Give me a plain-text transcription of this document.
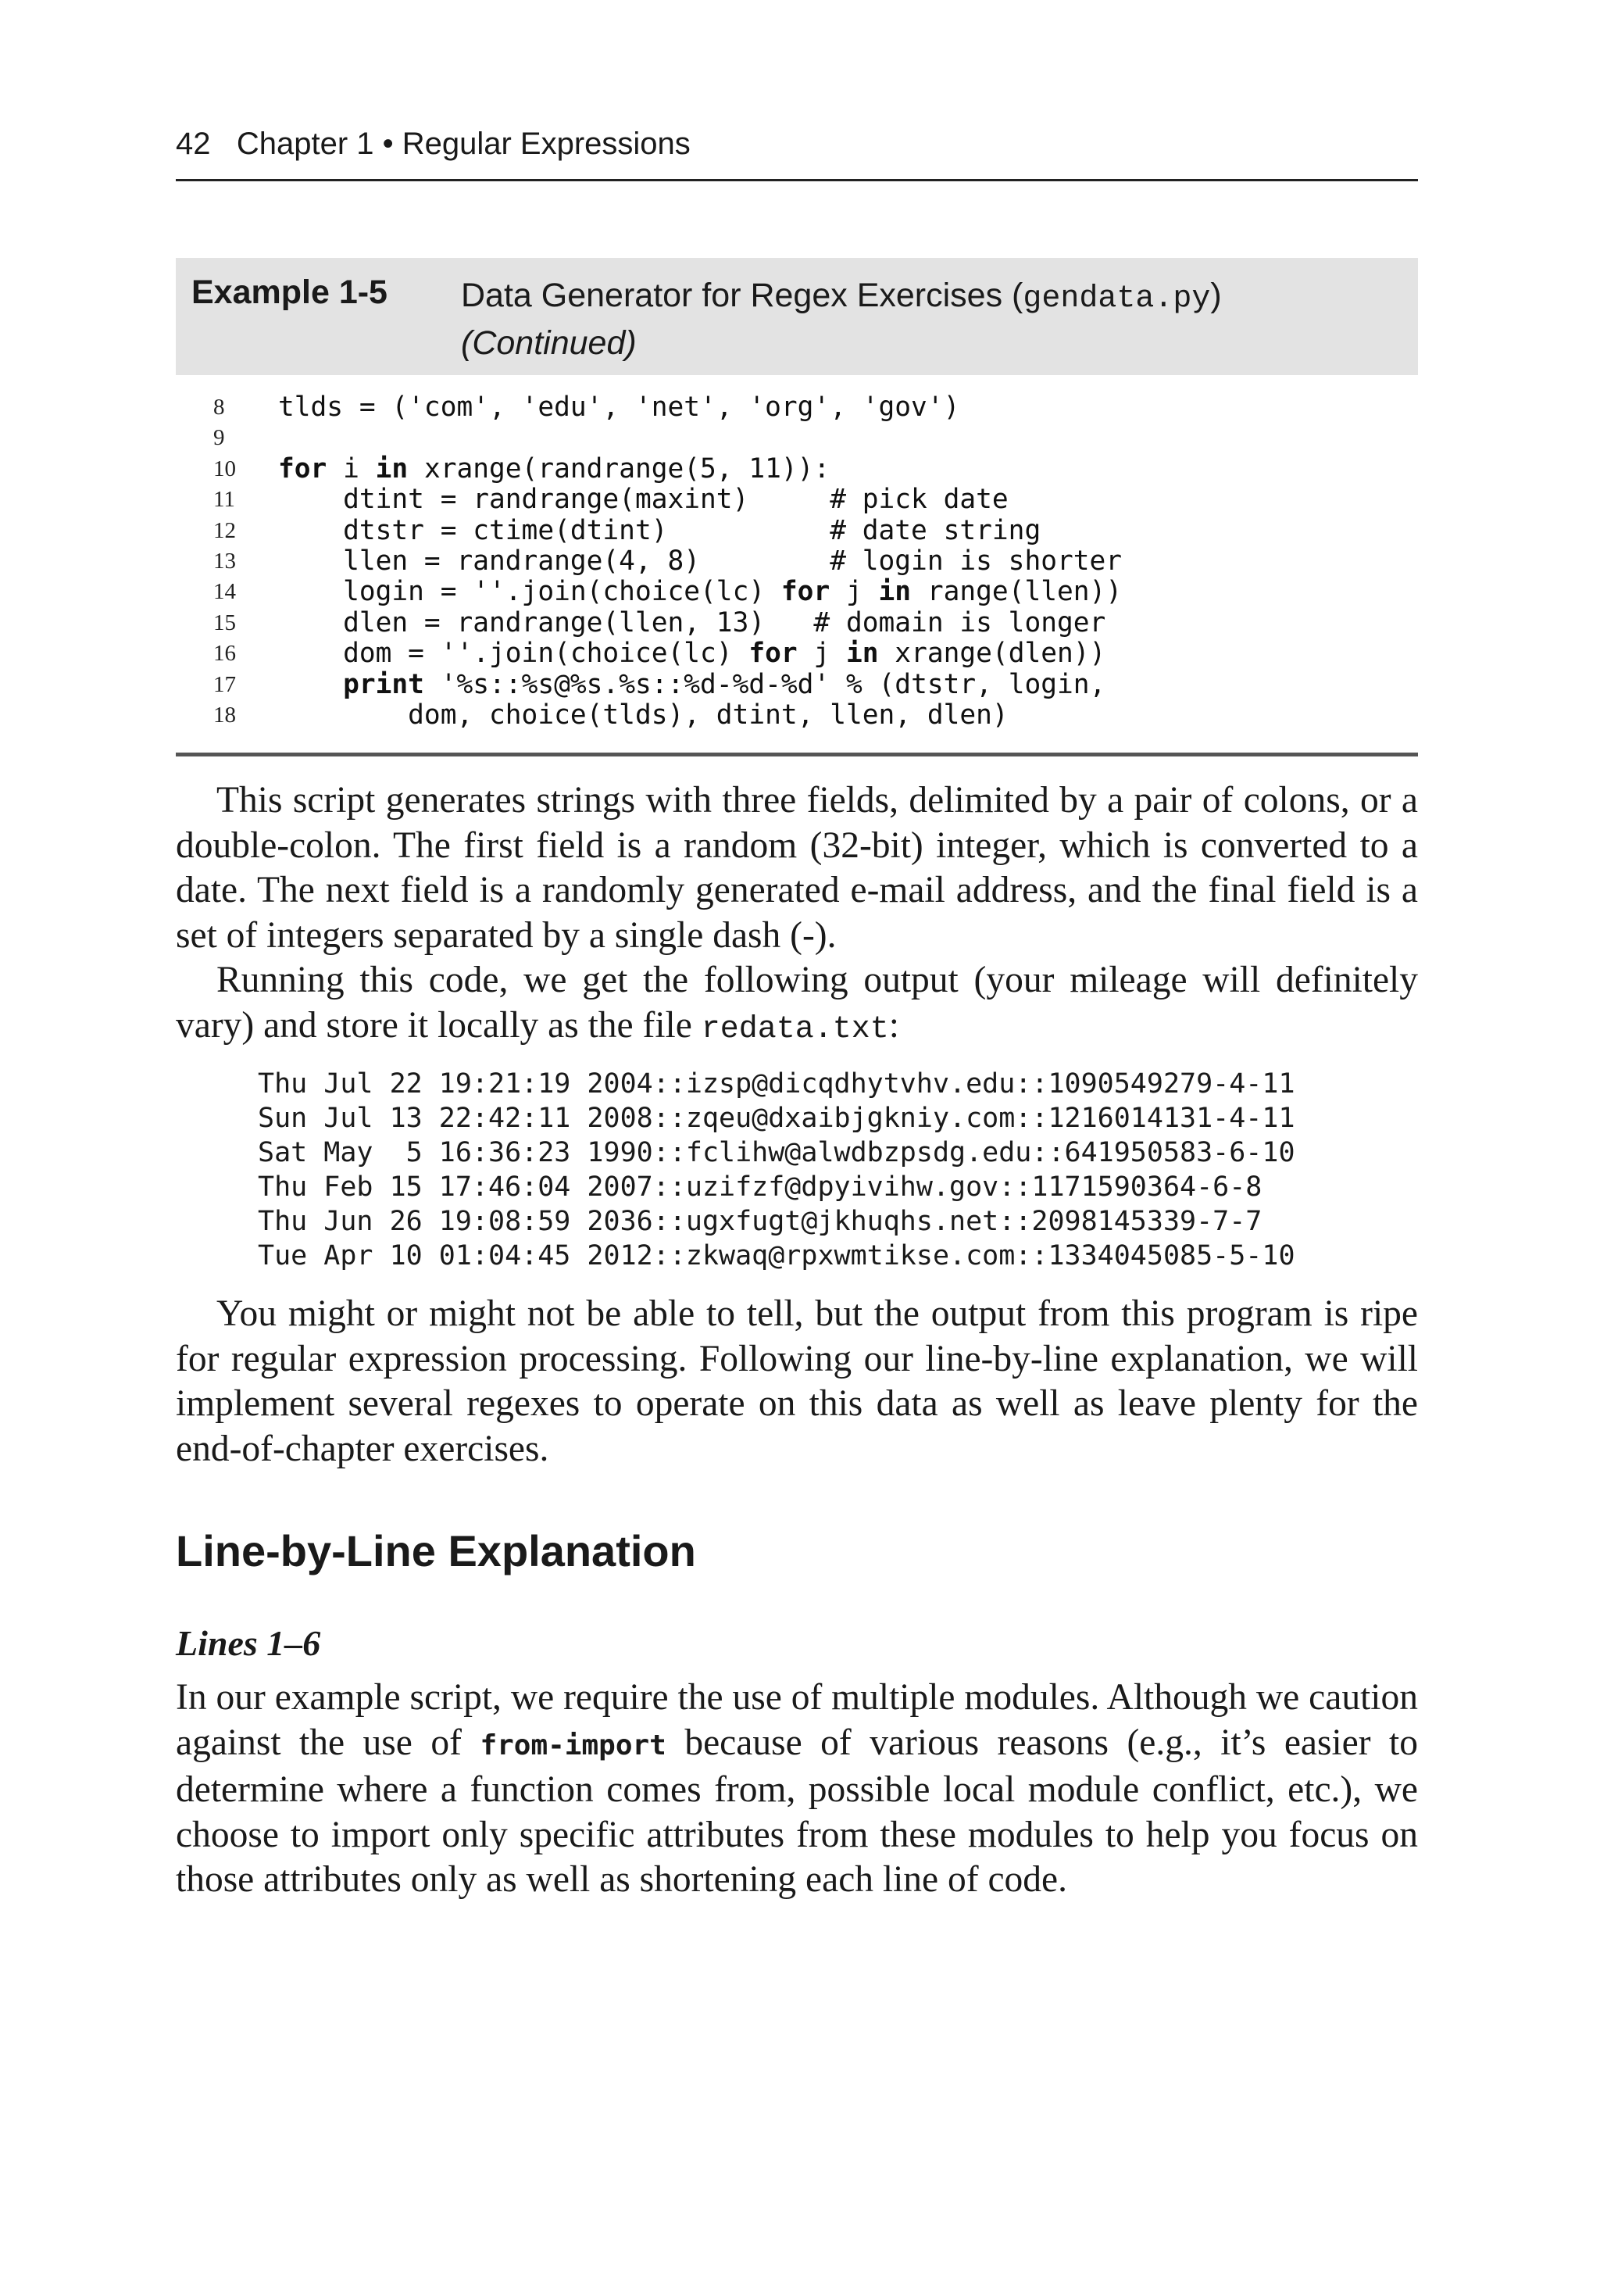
42 Chapter 1 • Regular Expressions
Example 1-5 Data Generator for Regex Exercises (gendata.py)
(Continued)
8	tlds = ('com', 'edu', 'net', 'org', 'gov')
9
10	for i in xrange(randrange(5, 11)):
11	dtint = randrange(maxint)     # pick date
12	dtstr = ctime(dtint)          # date string
13	llen = randrange(4, 8)        # login is shorter
14	login = ''.join(choice(lc) for j in range(llen))
15	dlen = randrange(llen, 13)   # domain is longer
16	dom = ''.join(choice(lc) for j in xrange(dlen))
17	print '%s::%s@%s.%s::%d-%d-%d' % (dtstr, login,
18	dom, choice(tlds), dtint, llen, dlen)
This script generates strings with three fields, delimited by a pair of colons, or a double-colon. The first field is a random (32-bit) integer, which is converted to a date. The next field is a randomly generated e-mail address, and the final field is a set of integers separated by a single dash (-).
Running this code, we get the following output (your mileage will definitely vary) and store it locally as the file redata.txt:
Thu Jul 22 19:21:19 2004::izsp@dicqdhytvhv.edu::1090549279-4-11
Sun Jul 13 22:42:11 2008::zqeu@dxaibjgkniy.com::1216014131-4-11
Sat May  5 16:36:23 1990::fclihw@alwdbzpsdg.edu::641950583-6-10
Thu Feb 15 17:46:04 2007::uzifzf@dpyivihw.gov::1171590364-6-8
Thu Jun 26 19:08:59 2036::ugxfugt@jkhuqhs.net::2098145339-7-7
Tue Apr 10 01:04:45 2012::zkwaq@rpxwmtikse.com::1334045085-5-10
You might or might not be able to tell, but the output from this program is ripe for regular expression processing. Following our line-by-line explanation, we will implement several regexes to operate on this data as well as leave plenty for the end-of-chapter exercises.
Line-by-Line Explanation
Lines 1–6
In our example script, we require the use of multiple modules. Although we caution against the use of from-import because of various reasons (e.g., it’s easier to determine where a function comes from, possible local module conflict, etc.), we choose to import only specific attributes from these modules to help you focus on those attributes only as well as shortening each line of code.
